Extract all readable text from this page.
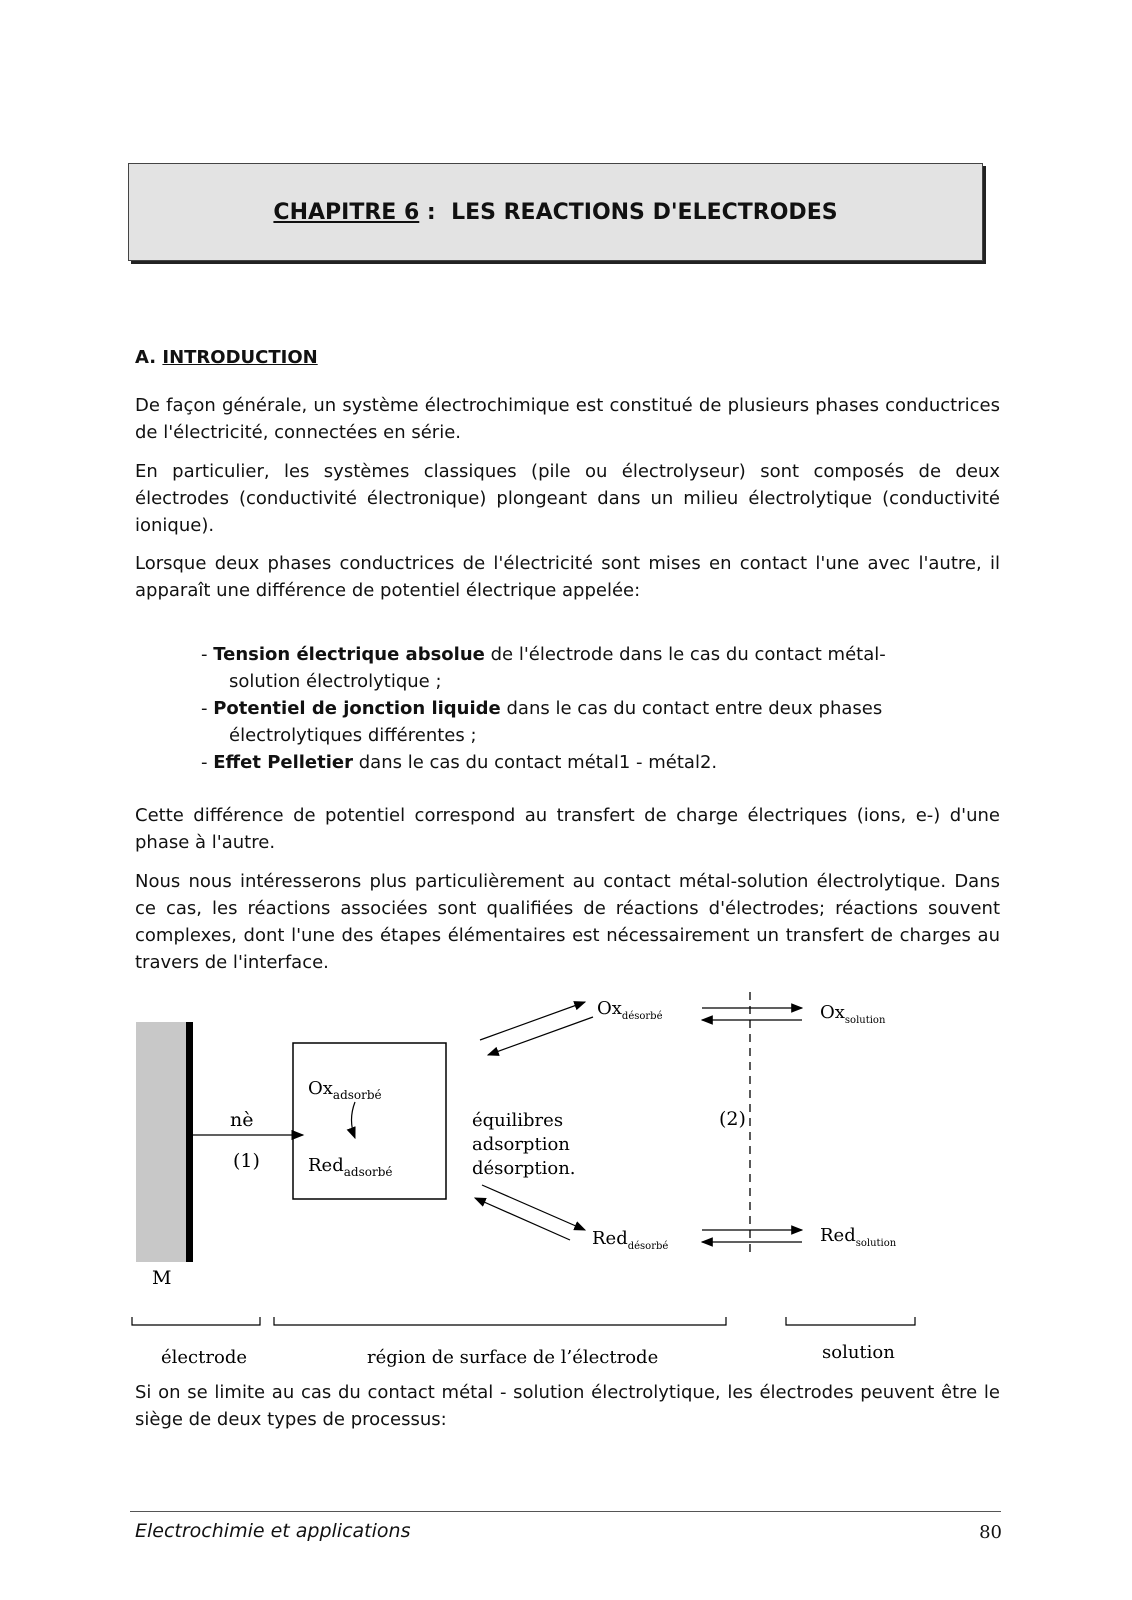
CHAPITRE 6 :
LES REACTIONS D'ELECTRODES
A. INTRODUCTION

De façon générale, un système électrochimique est constitué de plusieurs phases conductrices de l'électricité, connectées en série.

En particulier, les systèmes classiques (pile ou électrolyseur) sont composés de deux électrodes (conductivité électronique) plongeant dans un milieu électrolytique (conductivité ionique).

Lorsque deux phases conductrices de l'électricité sont mises en contact l'une avec l'autre, il apparaît une différence de potentiel électrique appelée:

- Tension électrique absolue de l'électrode dans le cas du contact métal-
solution électrolytique ;
- Potentiel de jonction liquide dans le cas du contact entre deux phases
électrolytiques différentes ;
- Effet Pelletier dans le cas du contact métal1 - métal2.

Cette différence de potentiel correspond au transfert de charge électriques (ions, e-) d'une phase à l'autre.

Nous nous intéresserons plus particulièrement au contact métal-solution électrolytique. Dans ce cas, les réactions associées sont qualifiées de réactions d'électrodes; réactions souvent complexes, dont l'une des étapes élémentaires est nécessairement un transfert de charges au travers de l'interface.

M
nè
(1)
$Ox_{adsorbé}$
Red$_{adsorbé}$
équilibres
adsorption
désorption.
$Ox_{désorbé}$	$Ox_{solution}$
(2)
Red$_{désorbé}$
Red$_{solution}$
électrode	région de surface de l’électrode	solution

Si on se limite au cas du contact métal - solution électrolytique, les électrodes peuvent être le siège de deux types de processus:

Electrochimie et applications	80
